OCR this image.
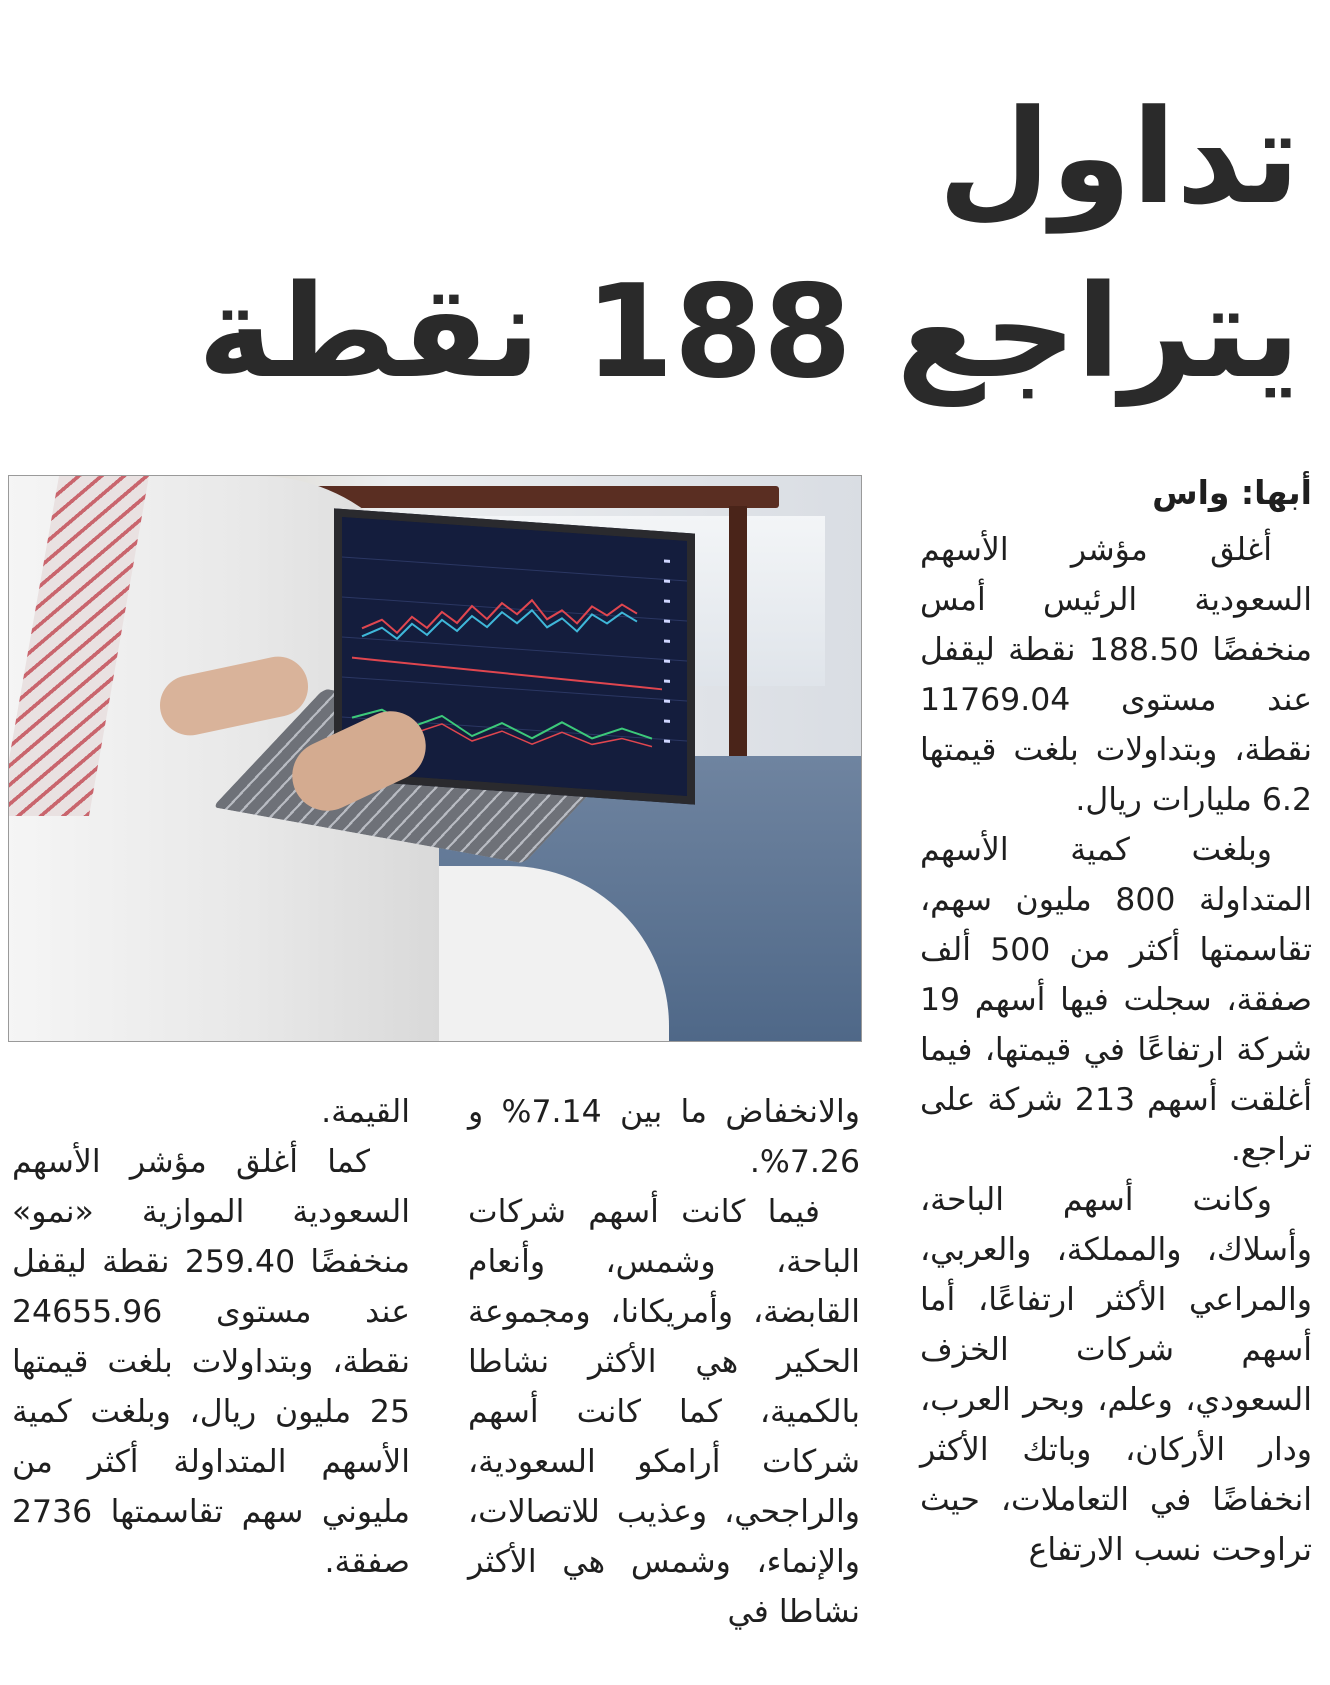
تداول
يتراجع 188 نقطة

أبها: واس

أغلق مؤشر الأسهم السعودية الرئيس أمس منخفضًا 188.50 نقطة ليقفل عند مستوى 11769.04 نقطة، وبتداولات بلغت قيمتها 6.2 مليارات ريال.

وبلغت كمية الأسهم المتداولة 800 مليون سهم، تقاسمتها أكثر من 500 ألف صفقة، سجلت فيها أسهم 19 شركة ارتفاعًا في قيمتها، فيما أغلقت أسهم 213 شركة على تراجع.

وكانت أسهم الباحة، وأسلاك، والمملكة، والعربي، والمراعي الأكثر ارتفاعًا، أما أسهم شركات الخزف السعودي، وعلم، وبحر العرب، ودار الأركان، وباتك الأكثر انخفاضًا في التعاملات، حيث تراوحت نسب الارتفاع

والانخفاض ما بين 7.14% و 7.26%.

فيما كانت أسهم شركات الباحة، وشمس، وأنعام القابضة، وأمريكانا، ومجموعة الحكير هي الأكثر نشاطا بالكمية، كما كانت أسهم شركات أرامكو السعودية، والراجحي، وعذيب للاتصالات، والإنماء، وشمس هي الأكثر نشاطا في

القيمة.

كما أغلق مؤشر الأسهم السعودية الموازية «نمو» منخفضًا 259.40 نقطة ليقفل عند مستوى 24655.96 نقطة، وبتداولات بلغت قيمتها 25 مليون ريال، وبلغت كمية الأسهم المتداولة أكثر من مليوني سهم تقاسمتها 2736 صفقة.
